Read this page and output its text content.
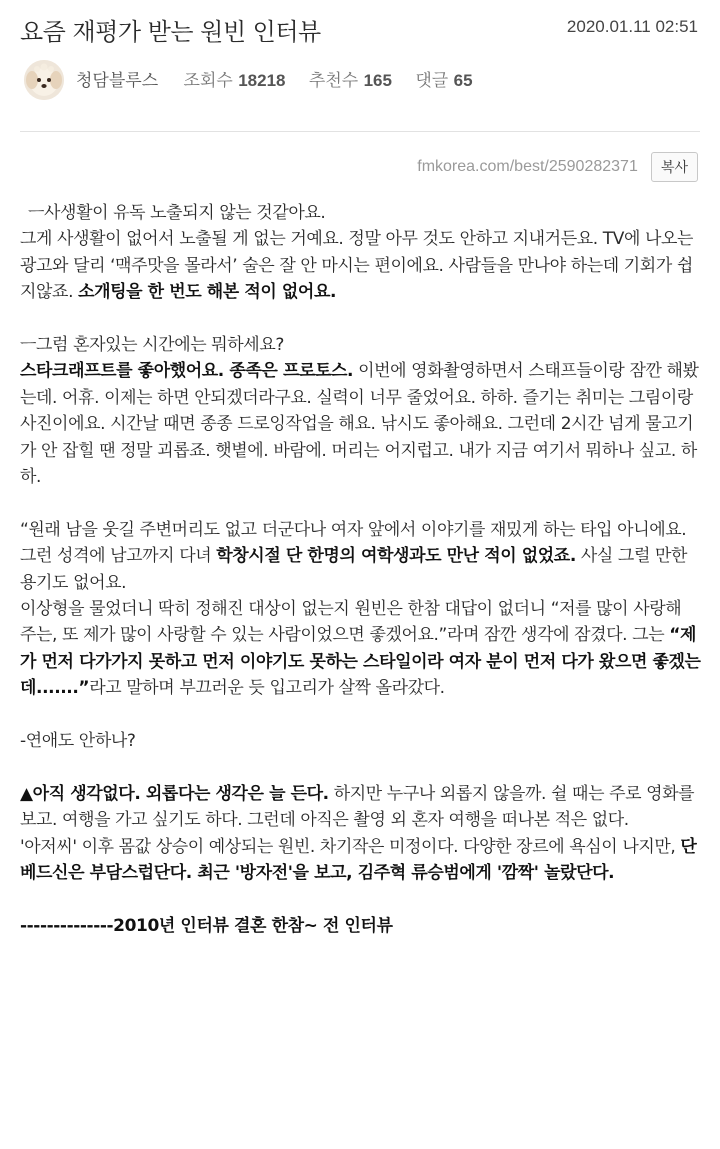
요즘 재평가 받는 원빈 인터뷰	2020.01.11 02:51
청담블루스 조회수 18218 추천수 165 댓글 65
fmkorea.com/best/2590282371 복사

ㅡ사생활이 유독 노출되지 않는 것같아요.

그게 사생활이 없어서 노출될 게 없는 거예요. 정말 아무 것도 안하고 지내거든요. TV에 나오는 광고와 달리 ‘맥주맛을 몰라서’ 술은 잘 안 마시는 편이에요. 사람들을 만나야 하는데 기회가 쉽지않죠. 소개팅을 한 번도 해본 적이 없어요.

ㅡ그럼 혼자있는 시간에는 뭐하세요?

스타크래프트를 좋아했어요. 종족은 프로토스. 이번에 영화촬영하면서 스태프들이랑 잠깐 해봤는데. 어휴. 이제는 하면 안되겠더라구요. 실력이 너무 줄었어요. 하하. 즐기는 취미는 그림이랑 사진이에요. 시간날 때면 종종 드로잉작업을 해요. 낚시도 좋아해요. 그런데 2시간 넘게 물고기가 안 잡힐 땐 정말 괴롭죠. 햇볕에. 바람에. 머리는 어지럽고. 내가 지금 여기서 뭐하나 싶고. 하하.

“원래 남을 웃길 주변머리도 없고 더군다나 여자 앞에서 이야기를 재밌게 하는 타입 아니에요. 그런 성격에 남고까지 다녀 학창시절 단 한명의 여학생과도 만난 적이 없었죠. 사실 그럴 만한 용기도 없어요.

이상형을 물었더니 딱히 정해진 대상이 없는지 원빈은 한참 대답이 없더니 “저를 많이 사랑해 주는, 또 제가 많이 사랑할 수 있는 사람이었으면 좋겠어요.”라며 잠깐 생각에 잠겼다. 그는 “제가 먼저 다가가지 못하고 먼저 이야기도 못하는 스타일이라 여자 분이 먼저 다가 왔으면 좋겠는데.......”라고 말하며 부끄러운 듯 입고리가 살짝 올라갔다.

-연애도 안하나?

▲아직 생각없다. 외롭다는 생각은 늘 든다. 하지만 누구나 외롭지 않을까. 쉴 때는 주로 영화를 보고. 여행을 가고 싶기도 하다. 그런데 아직은 촬영 외 혼자 여행을 떠나본 적은 없다.

'아저씨' 이후 몸값 상승이 예상되는 원빈. 차기작은 미정이다. 다양한 장르에 욕심이 나지만, 단 베드신은 부담스럽단다. 최근 '방자전'을 보고, 김주혁 류승범에게 '깜짝' 놀랐단다.

--------------2010년 인터뷰 결혼 한참~ 전 인터뷰
